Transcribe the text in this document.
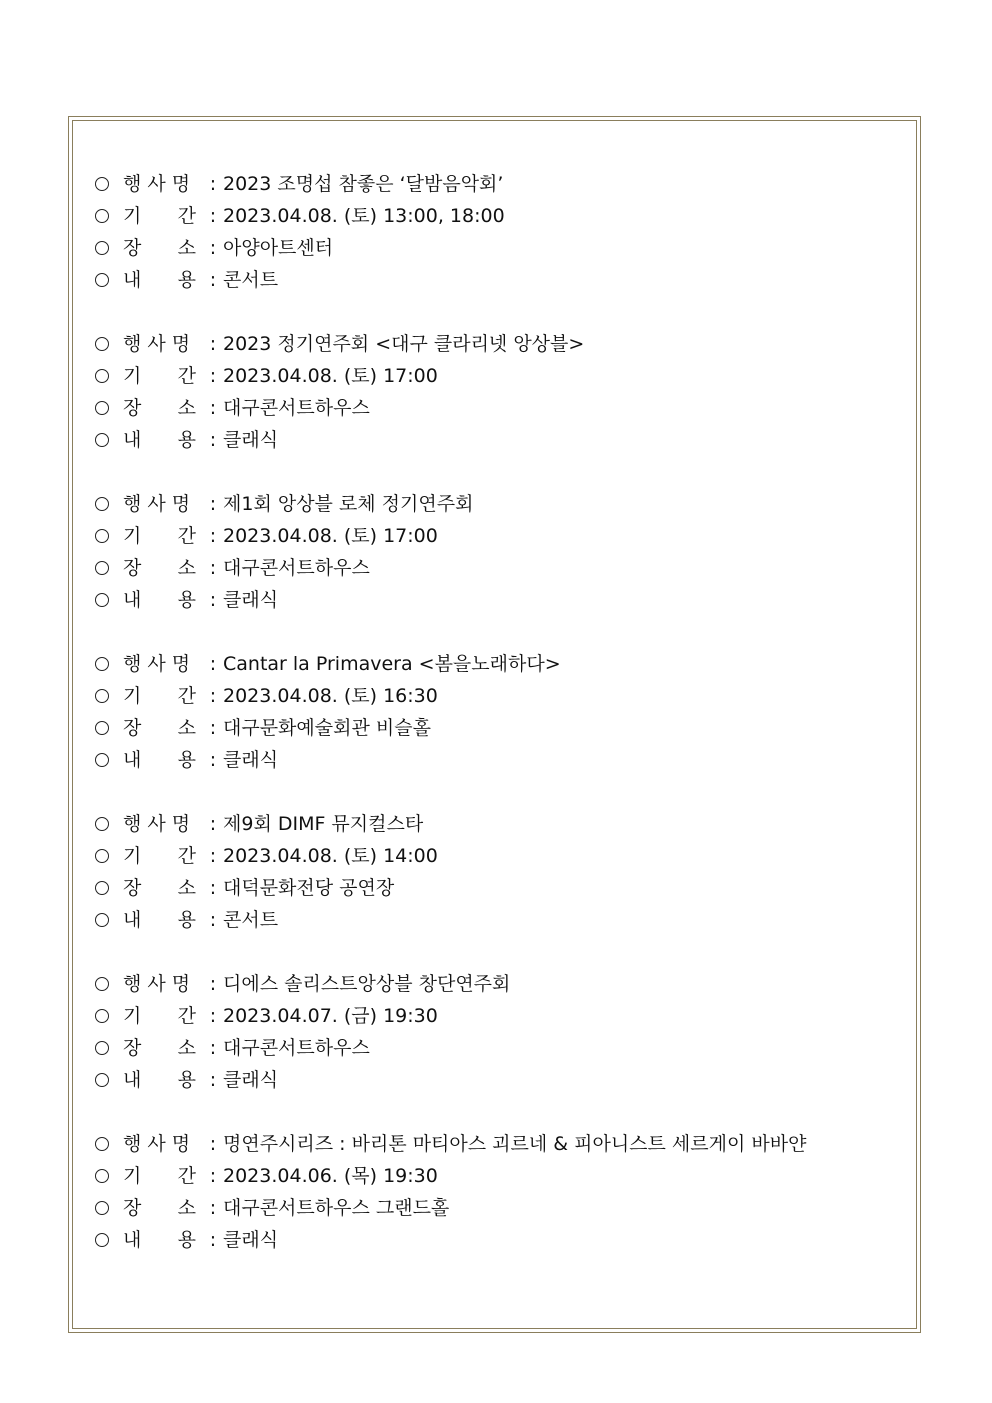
행 사 명	: 2023 조명섭 참좋은 ‘달밤음악회’
기      간 : 2023.04.08. (토) 13:00, 18:00
장      소 : 아양아트센터
내      용 : 콘서트
행 사 명	: 2023 정기연주회 <대구 클라리넷 앙상블>
기      간 : 2023.04.08. (토) 17:00
장      소 : 대구콘서트하우스
내      용 : 클래식
행 사 명	: 제1회 앙상블 로체 정기연주회
기      간 : 2023.04.08. (토) 17:00
장      소 : 대구콘서트하우스
내      용 : 클래식
행 사 명	: Cantar la Primavera <봄을노래하다>
기      간 : 2023.04.08. (토) 16:30
장      소 : 대구문화예술회관 비슬홀
내      용 : 클래식
행 사 명	: 제9회 DIMF 뮤지컬스타
기      간 : 2023.04.08. (토) 14:00
장      소 : 대덕문화전당 공연장
내      용 : 콘서트
행 사 명	: 디에스 솔리스트앙상블 창단연주회
기      간 : 2023.04.07. (금) 19:30
장      소 : 대구콘서트하우스
내      용 : 클래식
행 사 명	: 명연주시리즈 : 바리톤 마티아스 괴르네 & 피아니스트 세르게이 바바얀
기      간 : 2023.04.06. (목) 19:30
장      소 : 대구콘서트하우스 그랜드홀
내      용 : 클래식
